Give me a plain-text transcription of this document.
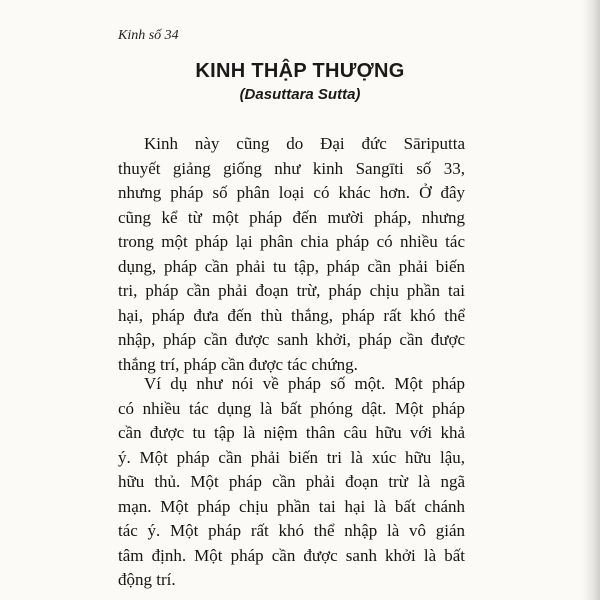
Kinh số 34
KINH THẬP THƯỢNG
(Dasuttara Sutta)

Kinh này cũng do Đại đức Sāriputta
thuyết giảng giống như kinh Sangīti số 33,
nhưng pháp số phân loại có khác hơn. Ở đây
cũng kể từ một pháp đến mười pháp, nhưng
trong một pháp lại phân chia pháp có nhiều tác
dụng, pháp cần phải tu tập, pháp cần phải biến
tri, pháp cần phải đoạn trừ, pháp chịu phần tai
hại, pháp đưa đến thù thắng, pháp rất khó thể
nhập, pháp cần được sanh khởi, pháp cần được
thắng trí, pháp cần được tác chứng.

Ví dụ như nói về pháp số một. Một pháp
có nhiều tác dụng là bất phóng dật. Một pháp
cần được tu tập là niệm thân câu hữu với khả
ý. Một pháp cần phải biến tri là xúc hữu lậu,
hữu thủ. Một pháp cần phải đoạn trừ là ngã
mạn. Một pháp chịu phần tai hại là bất chánh
tác ý. Một pháp rất khó thể nhập là vô gián
tâm định. Một pháp cần được sanh khởi là bất
động trí.
